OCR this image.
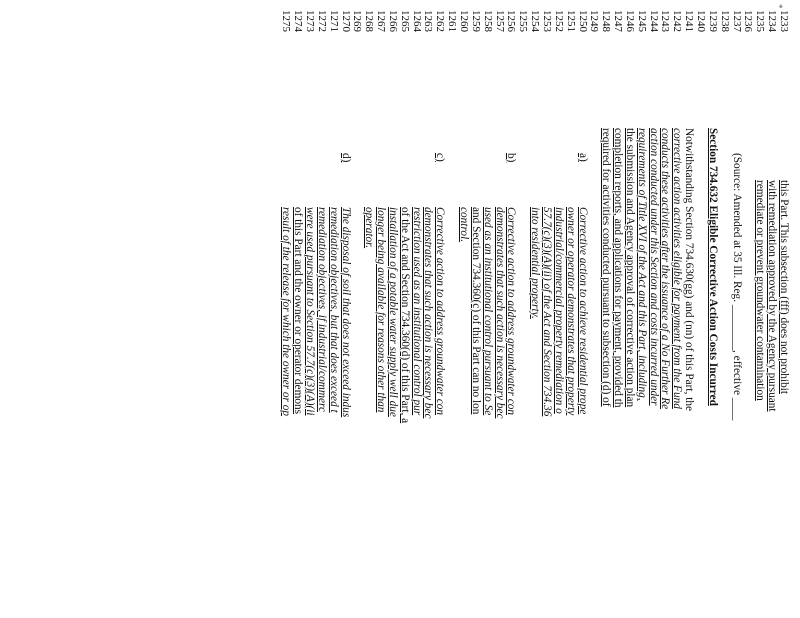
*
1233
this Part. This subsection (fff) does not prohibit
1234
with remediation approved by the Agency pursuant
1235
remediate or prevent groundwater contamination
1236
1237
(Source: Amended at 35 Ill. Reg. ________, effective ____
1238
1239
Section 734.632 Eligible Corrective Action Costs Incurred
1240
1241
Notwithstanding Section 734.630(gg) and (nn) of this Part, the
1242
corrective action activities eligible for payment from the Fund
1243
conducts these activities after the issuance of a No Further Re
1244
action conducted under this Section and costs incurred under
1245
requirements of Title XVI of the Act and this Part, including,
1246
the submission and Agency approval of corrective action plan
1247
completion reports, and applications for payment, provided th
1248
required for activities conducted pursuant to subsection (d) of
1249
1250
a)
Corrective action to achieve residential prope
1251
owner or operator demonstrates that property
1252
industrial/commercial property remediation o
1253
57.7(c)(3)(A)(ii) of the Act and Section 734.36
1254
into residential property.
1255
1256
b)
Corrective action to address groundwater con
1257
demonstrates that such action is necessary bec
1258
used as an institutional control pursuant to Se
1259
and Section 734.360(c) of this Part can no lon
1260
control.
1261
1262
c)
Corrective action to address groundwater con
1263
demonstrates that such action is necessary bec
1264
restriction used as an institutional control pur
1265
of the Act and Section 734.360(d) of this Part, a
1266
installation of a potable water supply well due
1267
longer being available for reasons other than
1268
operator.
1269
1270
d)
The disposal of soil that does not exceed indus
1271
remediation objectives, but that does exceed t
1272
remediation objectives, if industrial/commerc
1273
were used pursuant to Section 57.7(c)(3)(A)(ii
1274
of this Part and the owner or operator demons
1275
result of the release for which the owner or op
